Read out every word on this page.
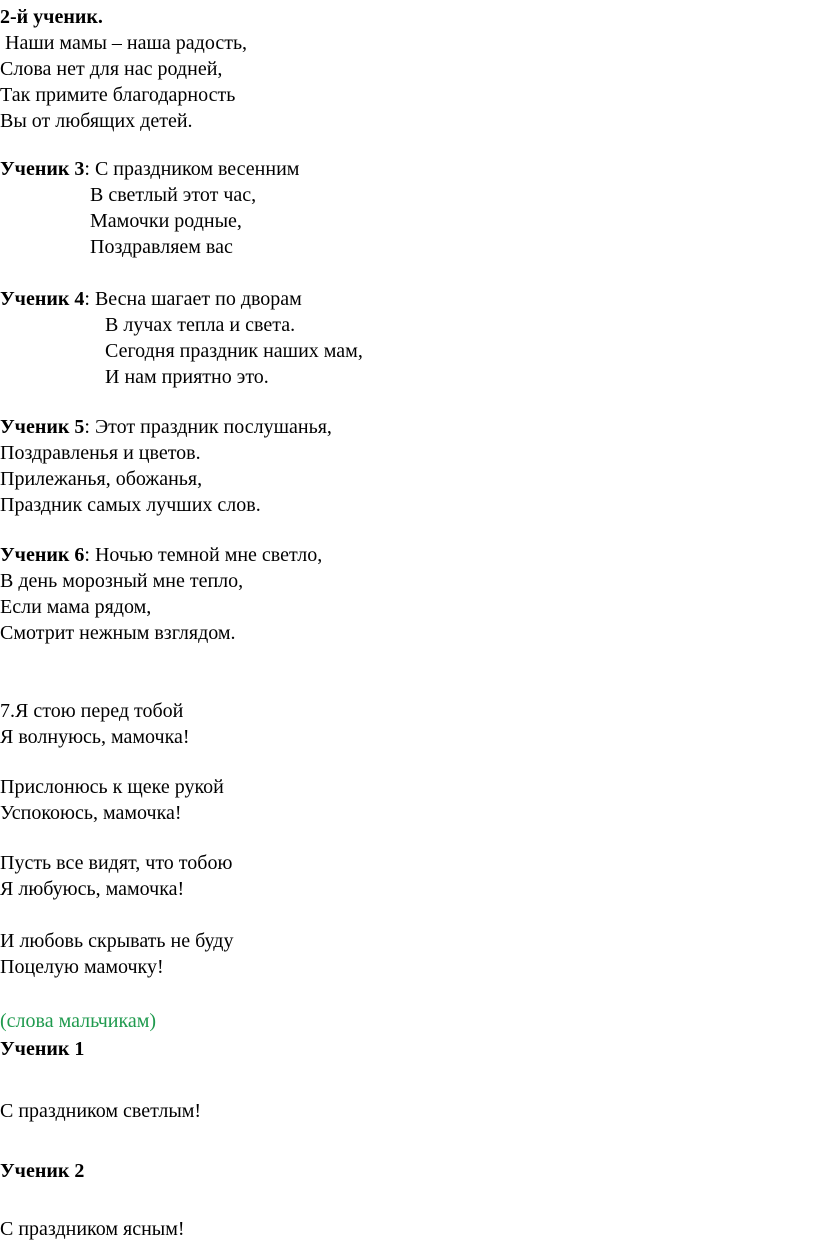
2-й ученик.

Наши мамы – наша радость,

Слова нет для нас родней,

Так примите благодарность

Вы от любящих детей.

Ученик 3: С праздником весенним

В светлый этот час,

Мамочки родные,

Поздравляем вас

Ученик 4: Весна шагает по дворам

В лучах тепла и света.

Сегодня праздник наших мам,

И нам приятно это.

Ученик 5: Этот праздник послушанья,

Поздравленья и цветов.

Прилежанья, обожанья,

Праздник самых лучших слов.

Ученик 6: Ночью темной мне светло,

В день морозный мне тепло,

Если мама рядом,

Смотрит нежным взглядом.

7.Я стою перед тобой

Я волнуюсь, мамочка!

Прислонюсь к щеке рукой

Успокоюсь, мамочка!

Пусть все видят, что тобою

Я любуюсь, мамочка!

И любовь скрывать не буду

Поцелую мамочку!

(слова мальчикам)

Ученик 1

С праздником светлым!

Ученик 2

С праздником ясным!
